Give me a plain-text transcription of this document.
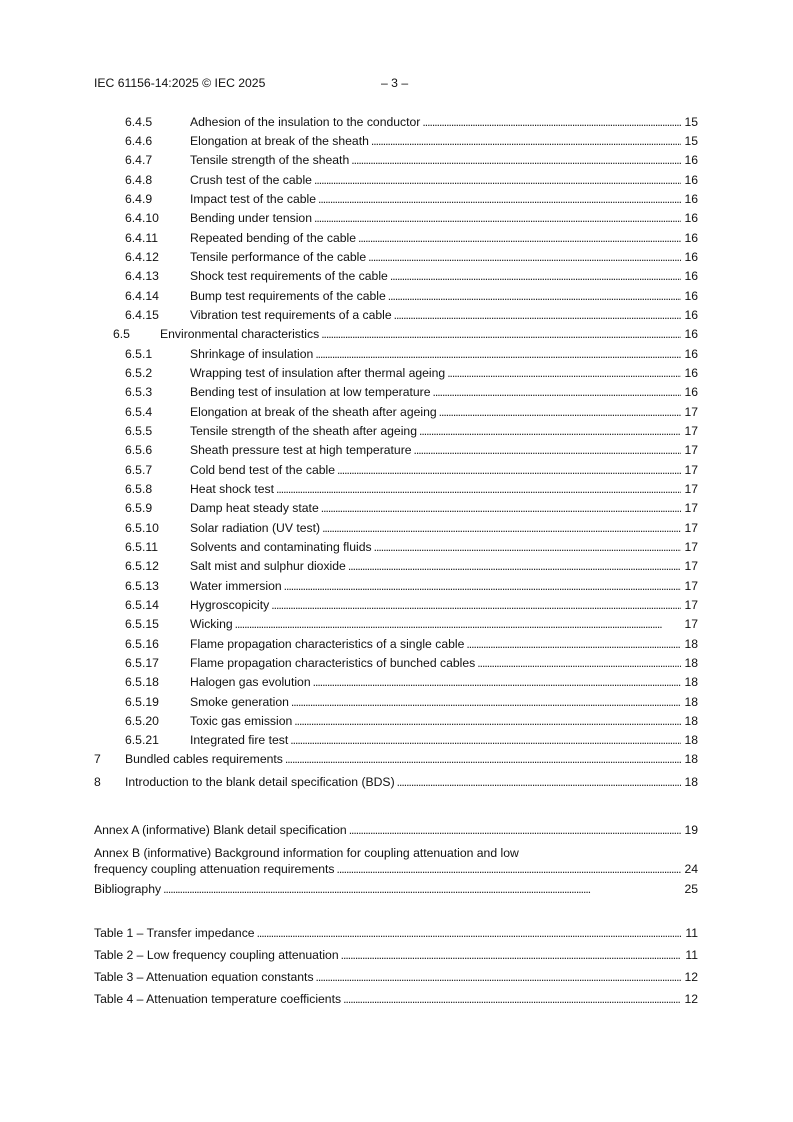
IEC 61156-14:2025 © IEC 2025	– 3 –
6.4.5	Adhesion of the insulation to the conductor . . .	15
6.4.6	Elongation at break of the sheath . . .	15
6.4.7	Tensile strength of the sheath . . .	16
6.4.8	Crush test of the cable . . .	16
6.4.9	Impact test of the cable . . .	16
6.4.10	Bending under tension . . .	16
6.4.11	Repeated bending of the cable . . .	16
6.4.12	Tensile performance of the cable . . .	16
6.4.13	Shock test requirements of the cable . . .	16
6.4.14	Bump test requirements of the cable . . .	16
6.4.15	Vibration test requirements of a cable . . .	16
6.5	Environmental characteristics . . .	16
6.5.1	Shrinkage of insulation . . .	16
6.5.2	Wrapping test of insulation after thermal ageing . . .	16
6.5.3	Bending test of insulation at low temperature . . .	16
6.5.4	Elongation at break of the sheath after ageing . . .	17
6.5.5	Tensile strength of the sheath after ageing . . .	17
6.5.6	Sheath pressure test at high temperature . . .	17
6.5.7	Cold bend test of the cable . . .	17
6.5.8	Heat shock test . . .	17
6.5.9	Damp heat steady state . . .	17
6.5.10	Solar radiation (UV test) . . .	17
6.5.11	Solvents and contaminating fluids . . .	17
6.5.12	Salt mist and sulphur dioxide . . .	17
6.5.13	Water immersion . . .	17
6.5.14	Hygroscopicity . . .	17
6.5.15	Wicking . . .	17
6.5.16	Flame propagation characteristics of a single cable . . .	18
6.5.17	Flame propagation characteristics of bunched cables . . .	18
6.5.18	Halogen gas evolution . . .	18
6.5.19	Smoke generation . . .	18
6.5.20	Toxic gas emission . . .	18
6.5.21	Integrated fire test . . .	18
7	Bundled cables requirements . . .	18
8	Introduction to the blank detail specification (BDS) . . .	18
Annex A (informative) Blank detail specification . . .	19
Annex B (informative) Background information for coupling attenuation and low
frequency coupling attenuation requirements . . .	24
Bibliography . . .	25
Table 1 – Transfer impedance . . .	11
Table 2 – Low frequency coupling attenuation . . .	11
Table 3 – Attenuation equation constants . . .	12
Table 4 – Attenuation temperature coefficients . . .	12
